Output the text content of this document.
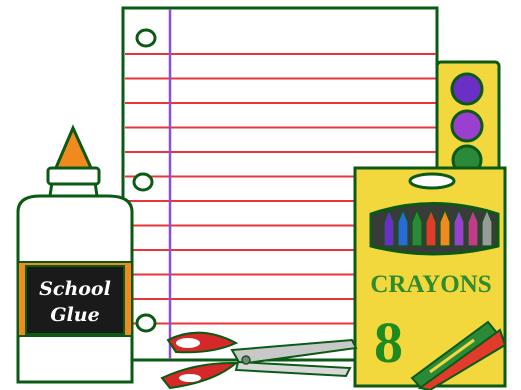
CRAYONS
8
School
Glue
